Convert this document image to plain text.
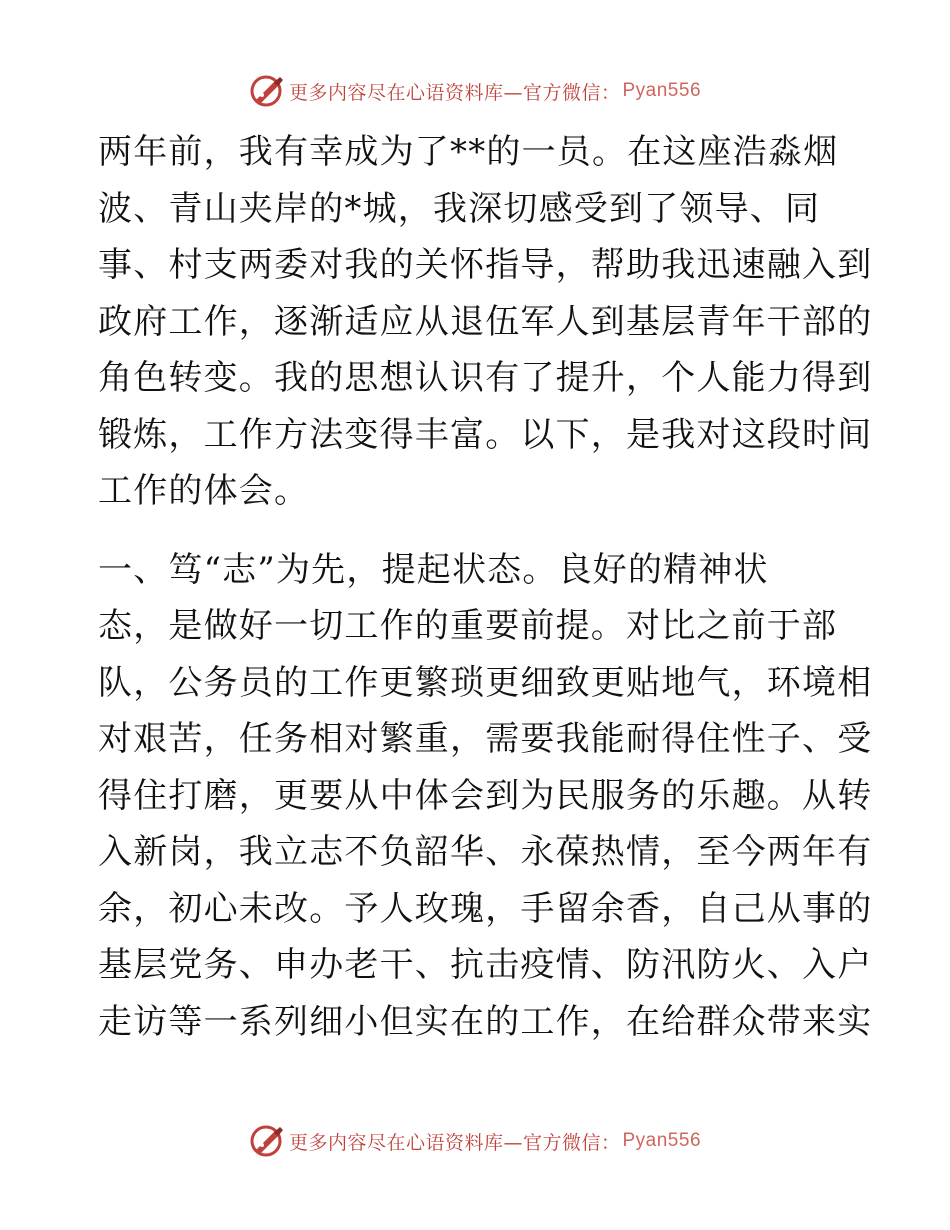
更多内容尽在心语资料库—官方微信： Pyan556

两年前，我有幸成为了**的一员。在这座浩淼烟
波、青山夹岸的*城，我深切感受到了领导、同
事、村支两委对我的关怀指导，帮助我迅速融入到
政府工作，逐渐适应从退伍军人到基层青年干部的
角色转变。我的思想认识有了提升，个人能力得到
锻炼，工作方法变得丰富。以下，是我对这段时间
工作的体会。

一、笃“志”为先，提起状态。良好的精神状
态，是做好一切工作的重要前提。对比之前于部
队，公务员的工作更繁琐更细致更贴地气，环境相
对艰苦，任务相对繁重，需要我能耐得住性子、受
得住打磨，更要从中体会到为民服务的乐趣。从转
入新岗，我立志不负韶华、永葆热情，至今两年有
余，初心未改。予人玫瑰，手留余香，自己从事的
基层党务、申办老干、抗击疫情、防汛防火、入户
走访等一系列细小但实在的工作，在给群众带来实

更多内容尽在心语资料库—官方微信： Pyan556
